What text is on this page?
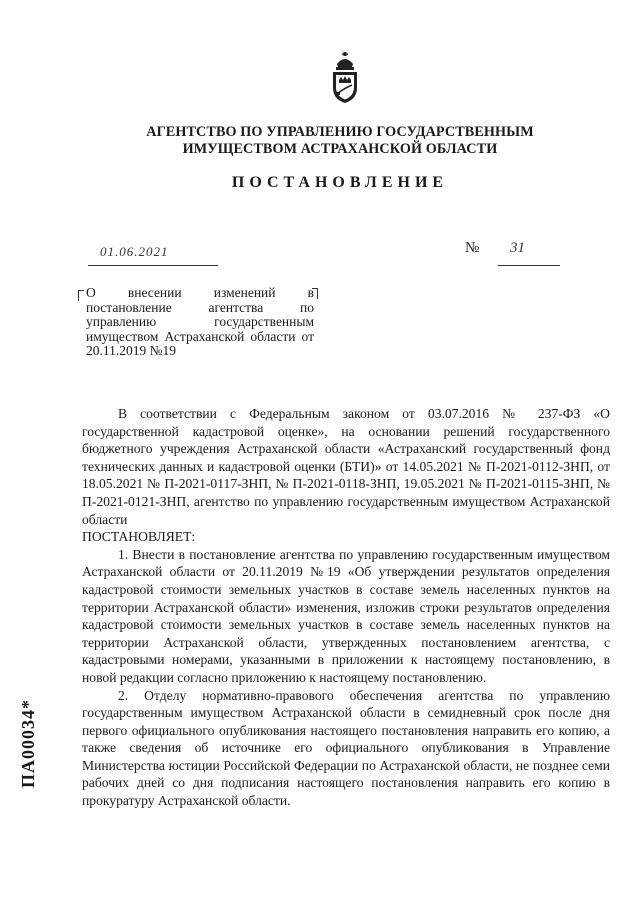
АГЕНТСТВО ПО УПРАВЛЕНИЮ ГОСУДАРСТВЕННЫМ
ИМУЩЕСТВОМ АСТРАХАНСКОЙ ОБЛАСТИ
ПОСТАНОВЛЕНИЕ
01.06.2021	№ 31
О внесении изменений в постановление агентства по управлению государственным имуществом Астраханской области от 20.11.2019 №19

В соответствии с Федеральным законом от 03.07.2016 № 237-ФЗ «О государственной кадастровой оценке», на основании решений государственного бюджетного учреждения Астраханской области «Астраханский государственный фонд технических данных и кадастровой оценки (БТИ)» от 14.05.2021 № П-2021-0112-ЗНП, от 18.05.2021 № П-2021-0117-ЗНП, № П-2021-0118-ЗНП, 19.05.2021 № П-2021-0115-ЗНП, № П-2021-0121-ЗНП, агентство по управлению государственным имуществом Астраханской области

ПОСТАНОВЛЯЕТ:

1. Внести в постановление агентства по управлению государственным имуществом Астраханской области от 20.11.2019 №19 «Об утверждении результатов определения кадастровой стоимости земельных участков в составе земель населенных пунктов на территории Астраханской области» изменения, изложив строки результатов определения кадастровой стоимости земельных участков в составе земель населенных пунктов на территории Астраханской области, утвержденных постановлением агентства, с кадастровыми номерами, указанными в приложении к настоящему постановлению, в новой редакции согласно приложению к настоящему постановлению.

2. Отделу нормативно-правового обеспечения агентства по управлению государственным имуществом Астраханской области в семидневный срок после дня первого официального опубликования настоящего постановления направить его копию, а также сведения об источнике его официального опубликования в Управление Министерства юстиции Российской Федерации по Астраханской области, не позднее семи рабочих дней со дня подписания настоящего постановления направить его копию в прокуратуру Астраханской области.

ПА00034*
